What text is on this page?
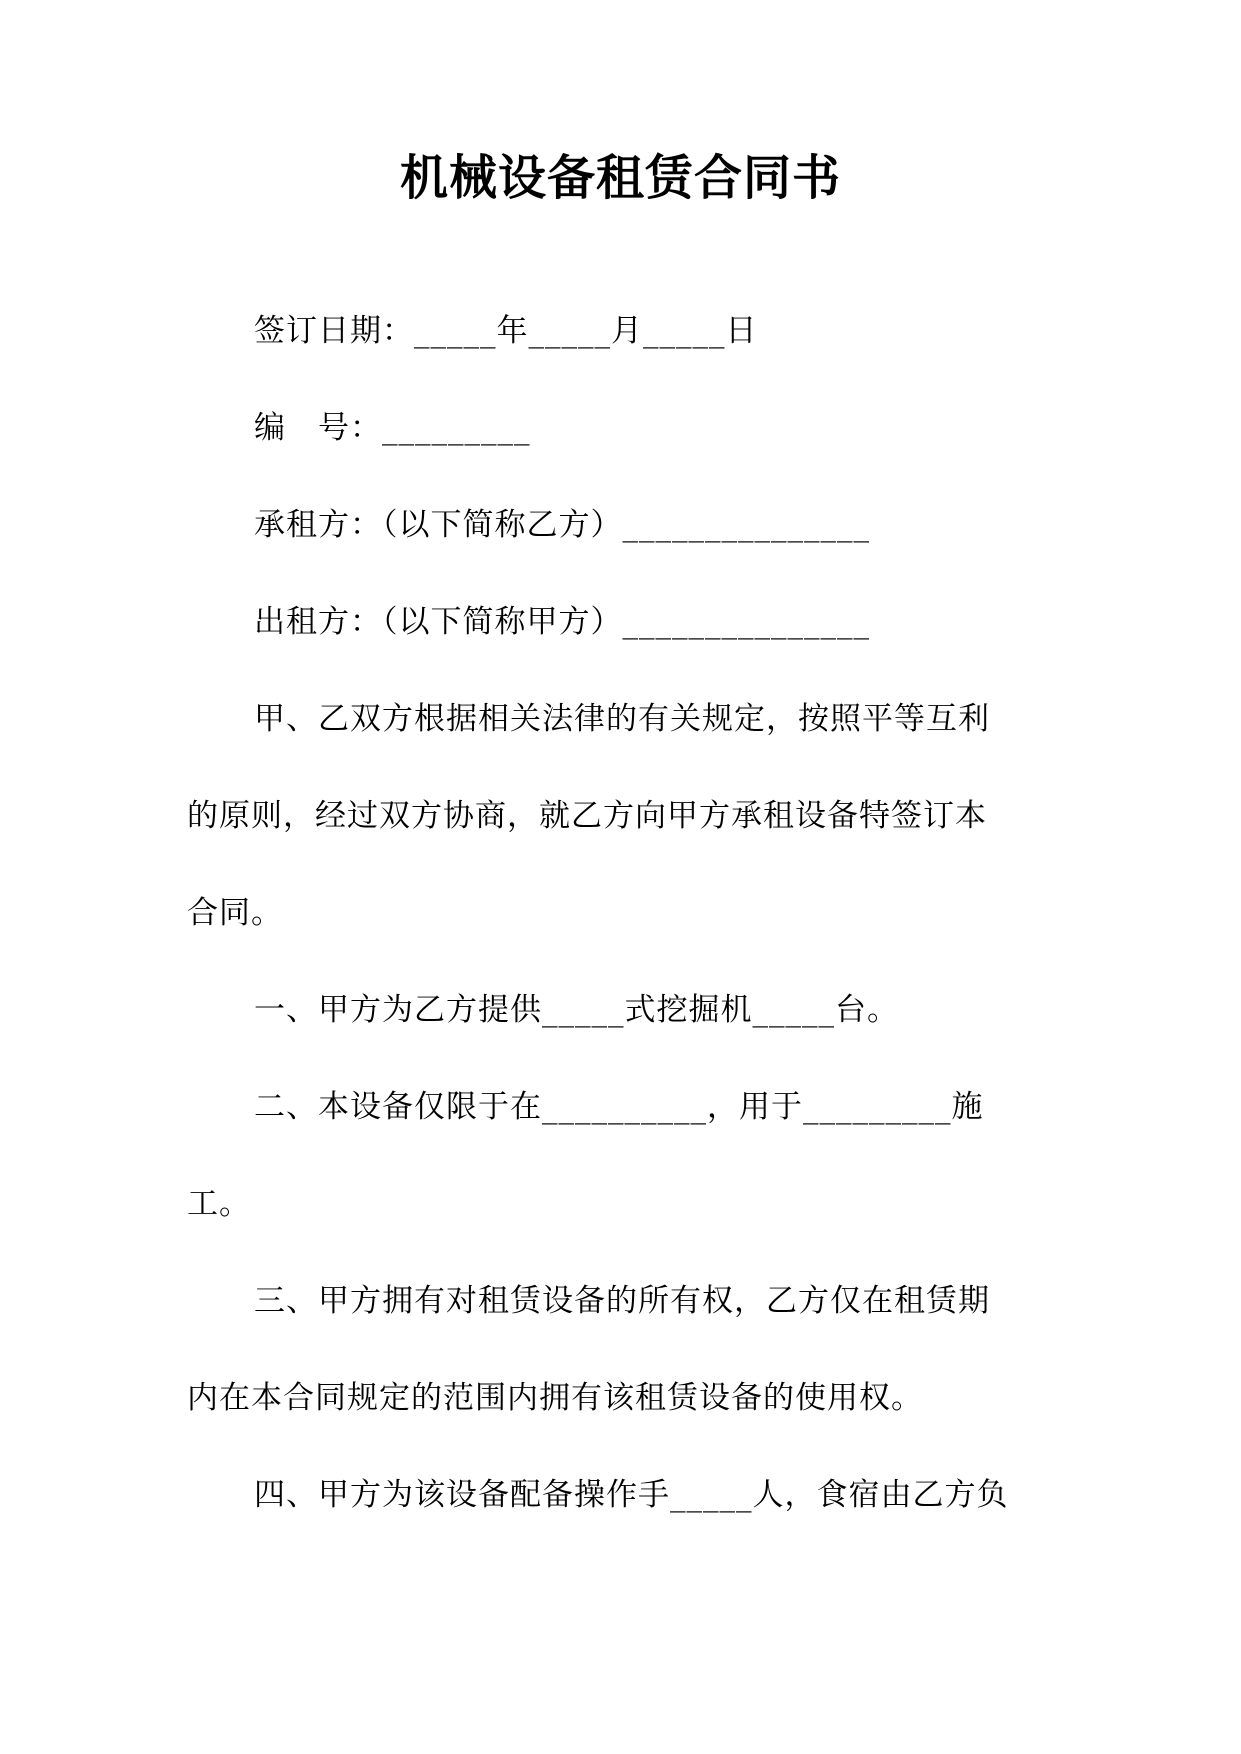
机械设备租赁合同书
签订日期：_____年_____月_____日
编　号：_________
承租方：（以下简称乙方）_______________
出租方：（以下简称甲方）_______________
甲、乙双方根据相关法律的有关规定，按照平等互利
的原则，经过双方协商，就乙方向甲方承租设备特签订本
合同。
一、甲方为乙方提供_____式挖掘机_____台。
二、本设备仅限于在__________，用于_________施
工。
三、甲方拥有对租赁设备的所有权，乙方仅在租赁期
内在本合同规定的范围内拥有该租赁设备的使用权。
四、甲方为该设备配备操作手_____人，食宿由乙方负
